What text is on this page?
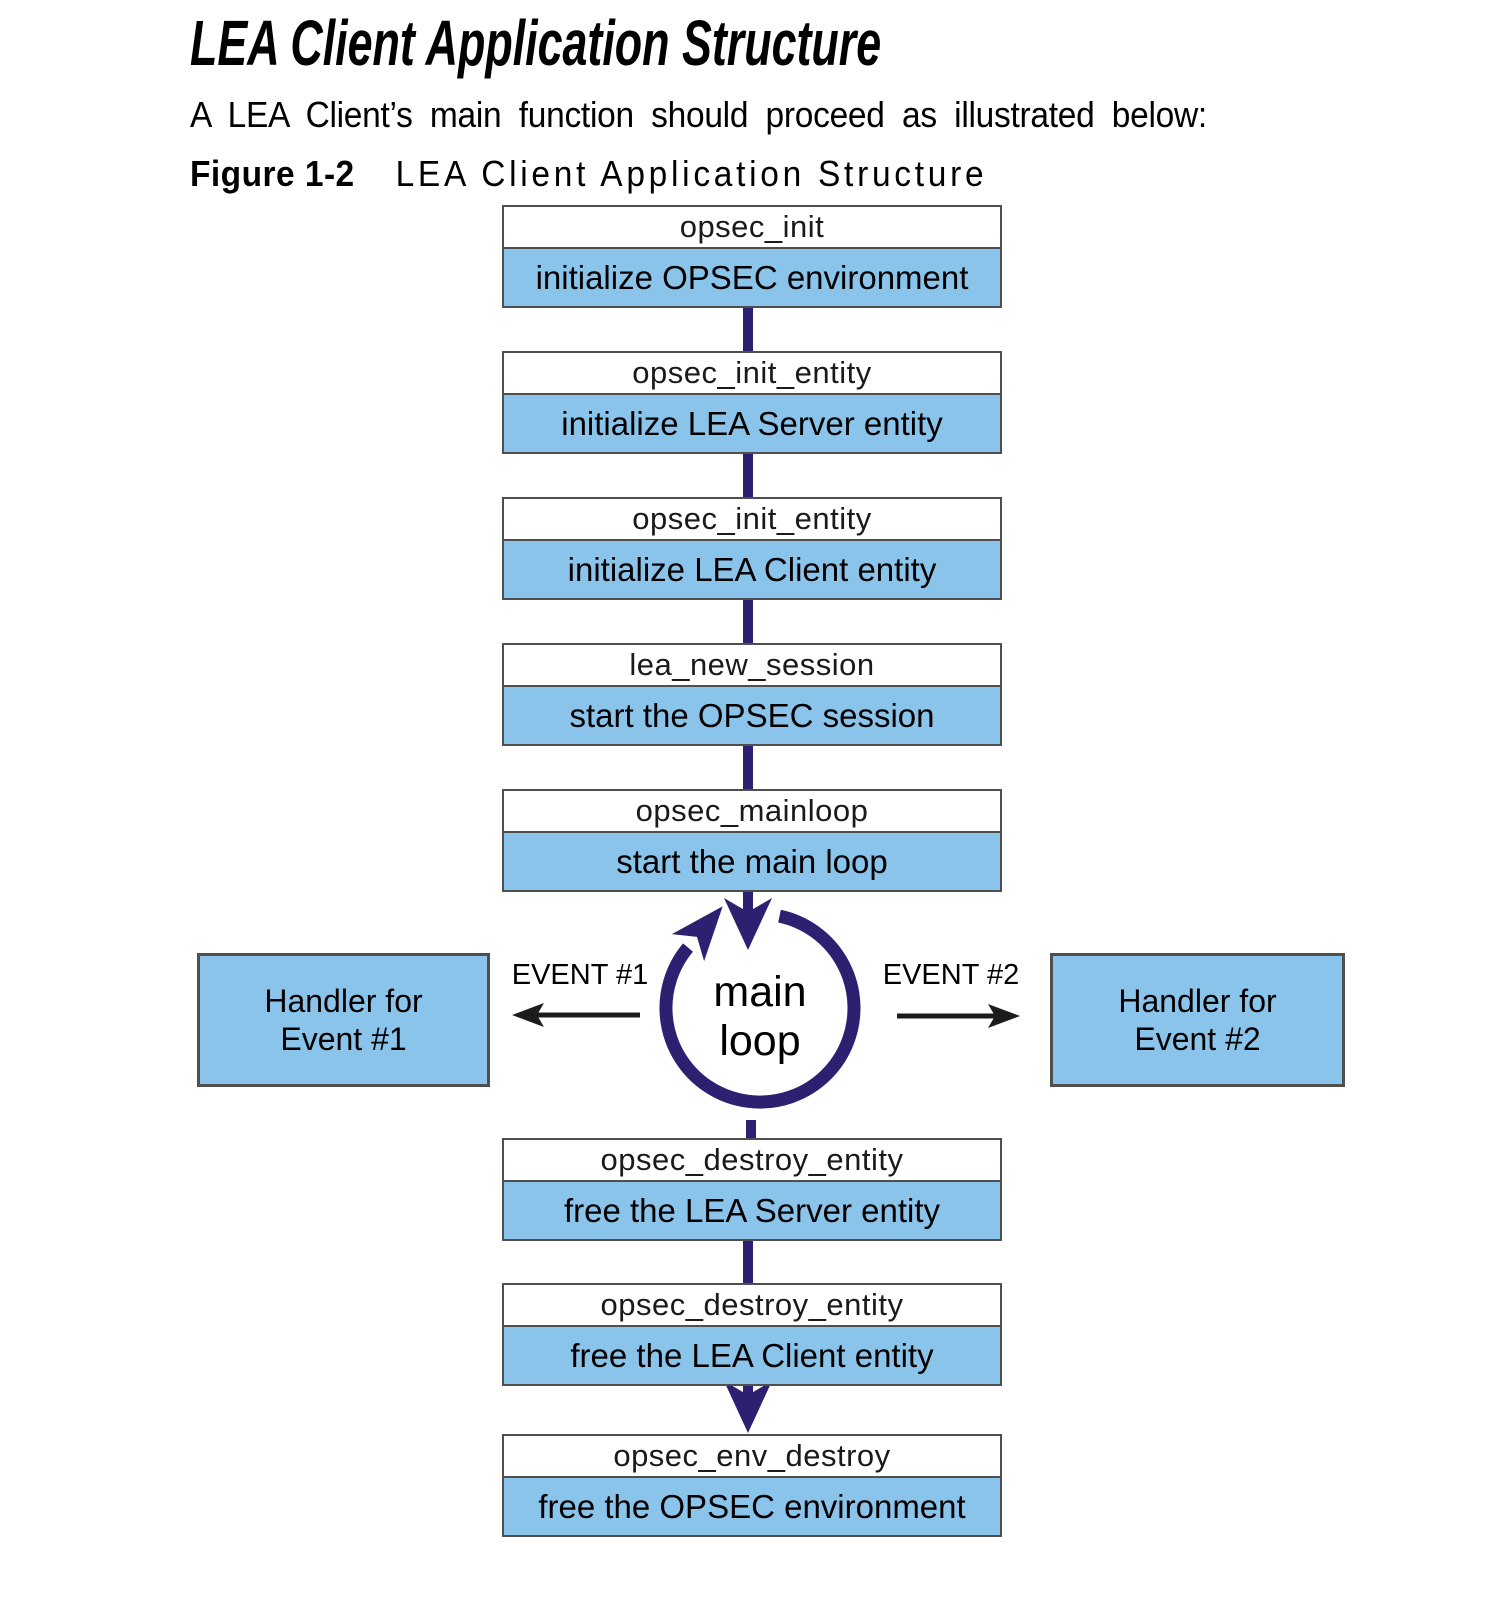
LEA Client Application Structure

A LEA Client’s main function should proceed as illustrated below:

Figure 1-2 LEA Client Application Structure
opsec_init
initialize OPSEC environment
opsec_init_entity
initialize LEA Server entity
opsec_init_entity
initialize LEA Client entity
lea_new_session
start the OPSEC session
opsec_mainloop
start the main loop
main
loop
EVENT #1	EVENT #2
Handler for
Event #1
Handler for
Event #2
opsec_destroy_entity
free the LEA Server entity
opsec_destroy_entity
free the LEA Client entity
opsec_env_destroy
free the OPSEC environment
